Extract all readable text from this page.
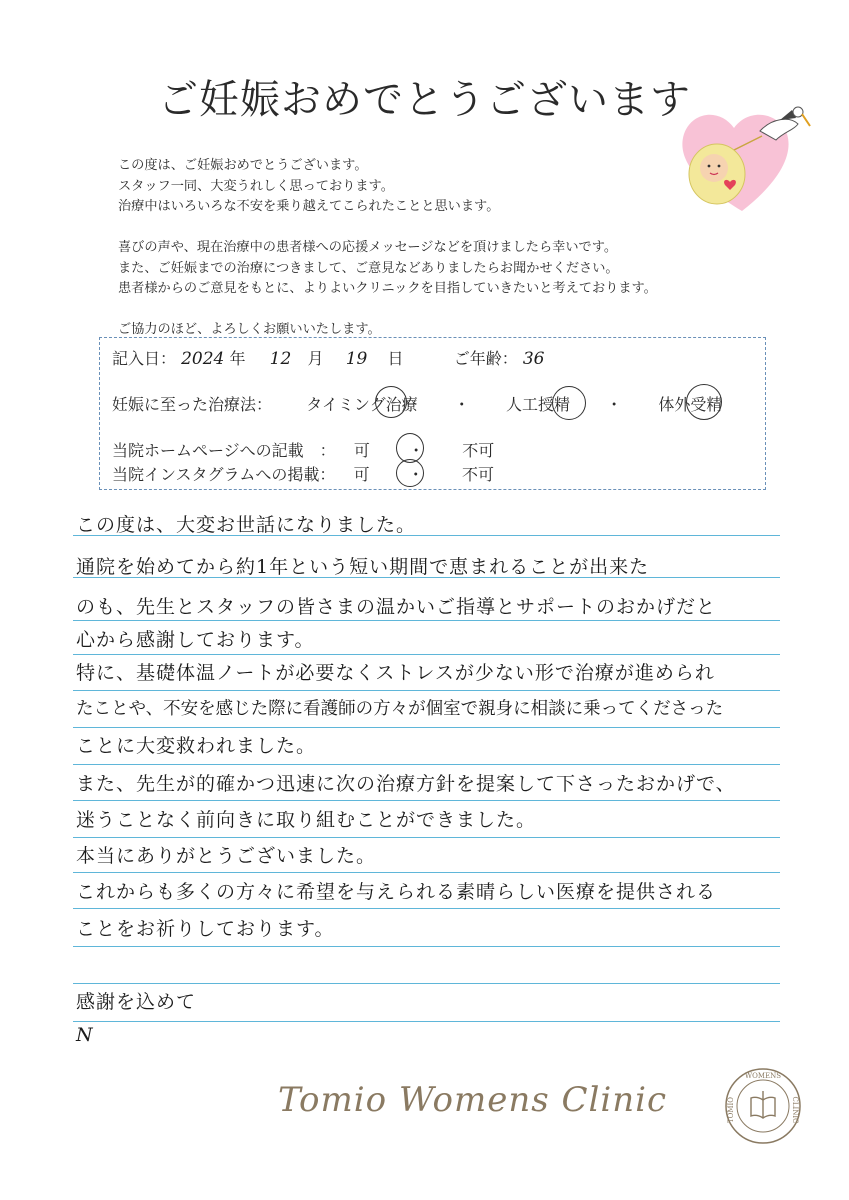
ご妊娠おめでとうございます

この度は、ご妊娠おめでとうございます。

スタッフ一同、大変うれしく思っております。

治療中はいろいろな不安を乗り越えてこられたことと思います。

喜びの声や、現在治療中の患者様への応援メッセージなどを頂けましたら幸いです。

また、ご妊娠までの治療につきまして、ご意見などありましたらお聞かせください。

患者様からのご意見をもとに、よりよいクリニックを目指していきたいと考えております。

ご協力のほど、よろしくお願いいたします。

記入日： 2024 年 12 月 19 日	ご年齢： 36
妊娠に至った治療法： タイミング治療 ・ 人工授精 ・ 体外受精
当院ホームページへの記載　： 可 ・ 不可
当院インスタグラムへの掲載： 可 ・ 不可
この度は、大変お世話になりました。
通院を始めてから約1年という短い期間で恵まれることが出来た
のも、先生とスタッフの皆さまの温かいご指導とサポートのおかげだと
心から感謝しております。
特に、基礎体温ノートが必要なくストレスが少ない形で治療が進められ
たことや、不安を感じた際に看護師の方々が個室で親身に相談に乗ってくださった
ことに大変救われました。
また、先生が的確かつ迅速に次の治療方針を提案して下さったおかげで、
迷うことなく前向きに取り組むことができました。
本当にありがとうございました。
これからも多くの方々に希望を与えられる素晴らしい医療を提供される
ことをお祈りしております。
感謝を込めて
N
Tomio Womens Clinic
WOMENS
CLINIC
TOMIO
